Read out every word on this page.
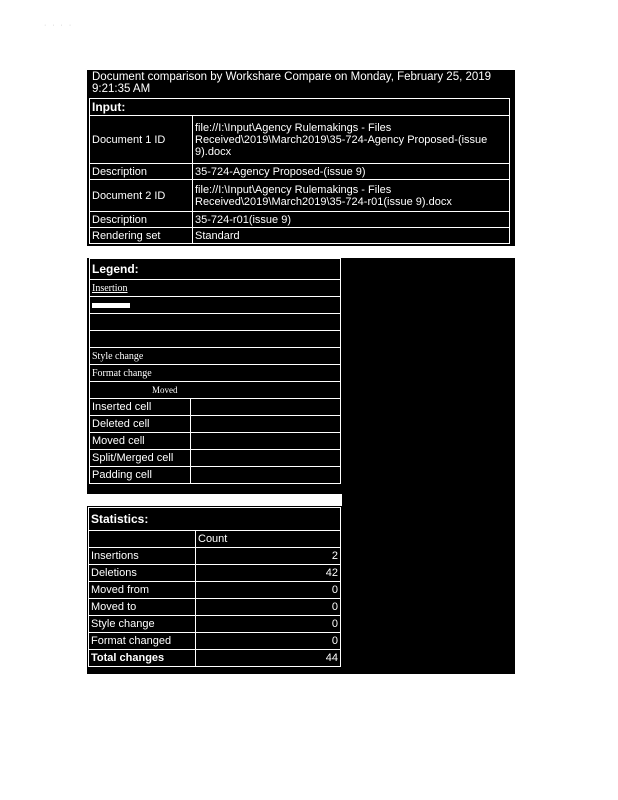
· · · ·
Document comparison by Workshare Compare on Monday, February 25, 2019 9:21:35 AM
Input:	
Document 1 ID	file://I:\Input\Agency Rulemakings - Files Received\2019\March2019\35-724-Agency Proposed-(issue 9).docx
Description	35-724-Agency Proposed-(issue 9)
Document 2 ID	file://I:\Input\Agency Rulemakings - Files Received\2019\March2019\35-724-r01(issue 9).docx
Description	35-724-r01(issue 9)
Rendering set	Standard
Legend:	
Insertion	

Style change	
Format change	
Moved	
Inserted cell	
Deleted cell	
Moved cell	
Split/Merged cell	
Padding cell	
Statistics:	
	Count
Insertions	2
Deletions	42
Moved from	0
Moved to	0
Style change	0
Format changed	0
Total changes	44
